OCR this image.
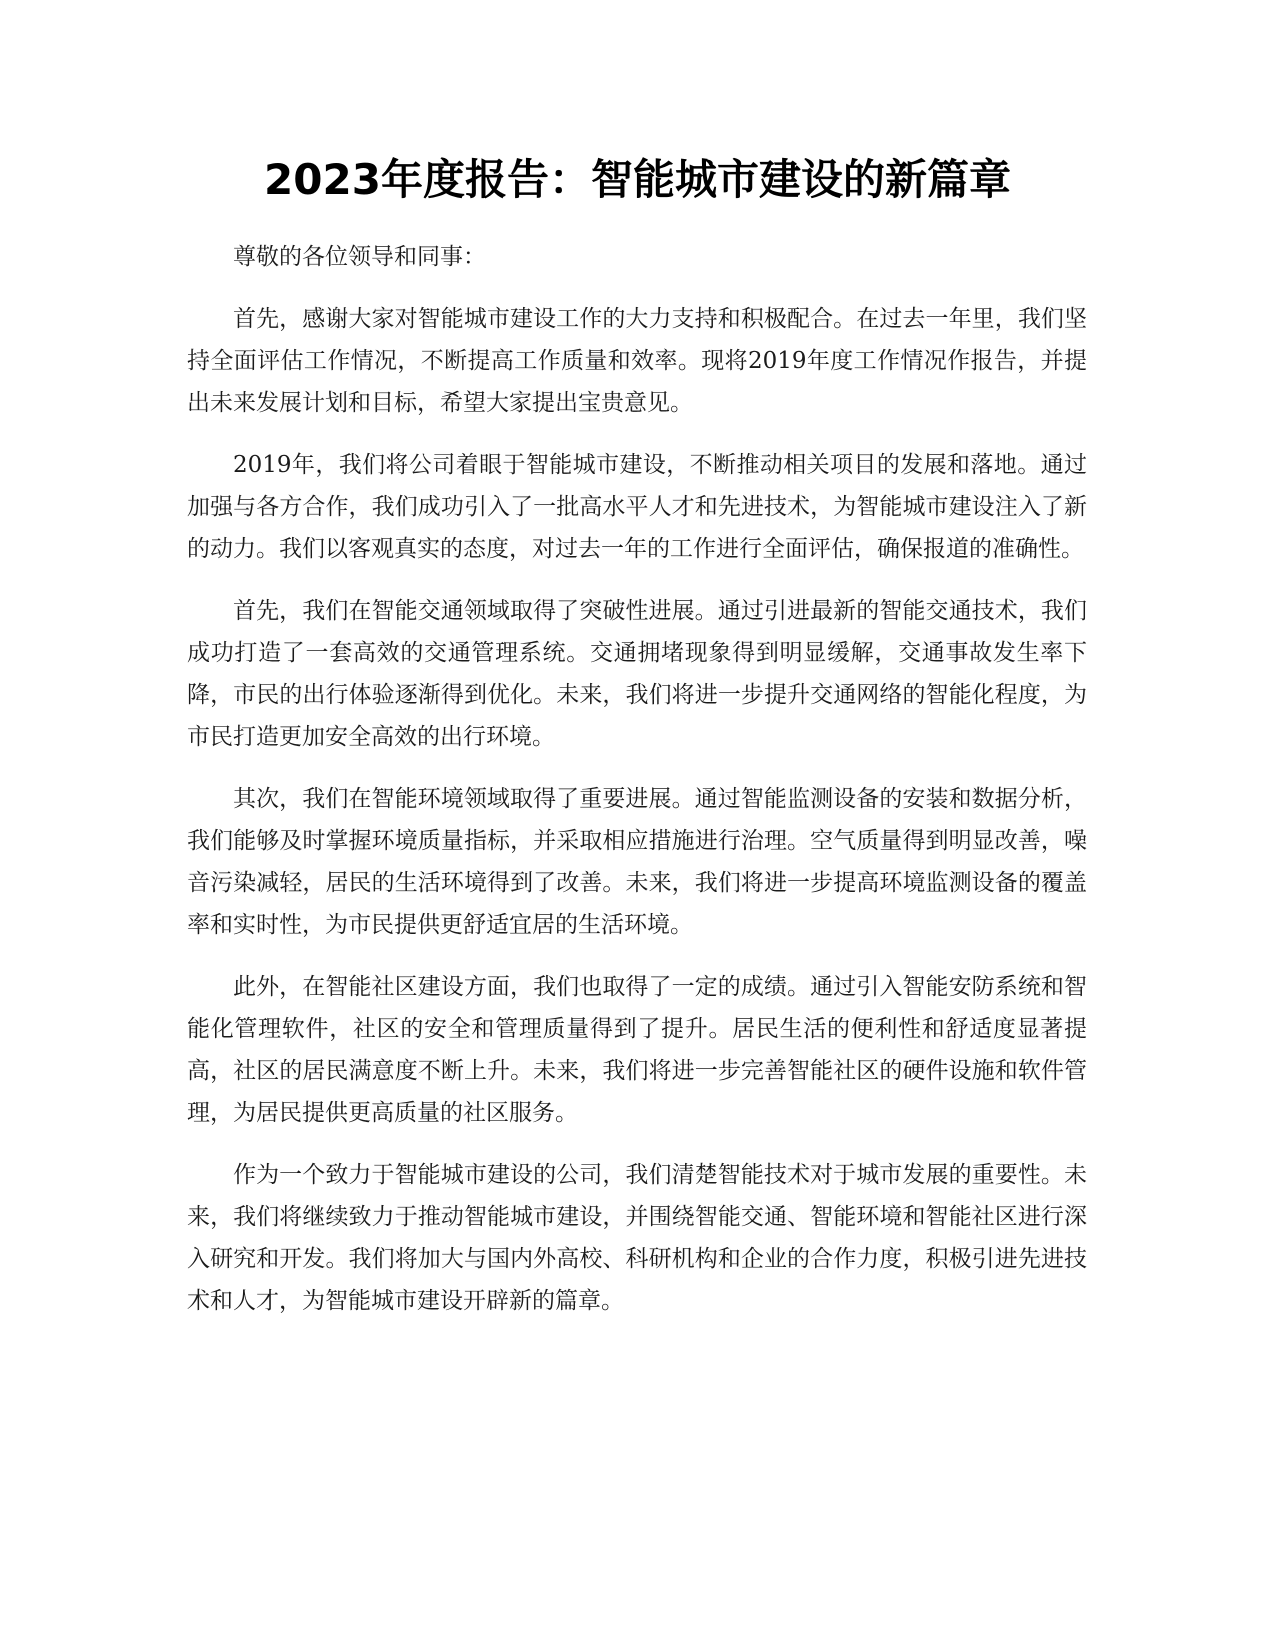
2023年度报告：智能城市建设的新篇章

尊敬的各位领导和同事：

首先，感谢大家对智能城市建设工作的大力支持和积极配合。在过去一年里，我们坚持全面评估工作情况，不断提高工作质量和效率。现将2019年度工作情况作报告，并提出未来发展计划和目标，希望大家提出宝贵意见。

2019年，我们将公司着眼于智能城市建设，不断推动相关项目的发展和落地。通过加强与各方合作，我们成功引入了一批高水平人才和先进技术，为智能城市建设注入了新的动力。我们以客观真实的态度，对过去一年的工作进行全面评估，确保报道的准确性。

首先，我们在智能交通领域取得了突破性进展。通过引进最新的智能交通技术，我们成功打造了一套高效的交通管理系统。交通拥堵现象得到明显缓解，交通事故发生率下降，市民的出行体验逐渐得到优化。未来，我们将进一步提升交通网络的智能化程度，为市民打造更加安全高效的出行环境。

其次，我们在智能环境领域取得了重要进展。通过智能监测设备的安装和数据分析，我们能够及时掌握环境质量指标，并采取相应措施进行治理。空气质量得到明显改善，噪音污染减轻，居民的生活环境得到了改善。未来，我们将进一步提高环境监测设备的覆盖率和实时性，为市民提供更舒适宜居的生活环境。

此外，在智能社区建设方面，我们也取得了一定的成绩。通过引入智能安防系统和智能化管理软件，社区的安全和管理质量得到了提升。居民生活的便利性和舒适度显著提高，社区的居民满意度不断上升。未来，我们将进一步完善智能社区的硬件设施和软件管理，为居民提供更高质量的社区服务。

作为一个致力于智能城市建设的公司，我们清楚智能技术对于城市发展的重要性。未来，我们将继续致力于推动智能城市建设，并围绕智能交通、智能环境和智能社区进行深入研究和开发。我们将加大与国内外高校、科研机构和企业的合作力度，积极引进先进技术和人才，为智能城市建设开辟新的篇章。
